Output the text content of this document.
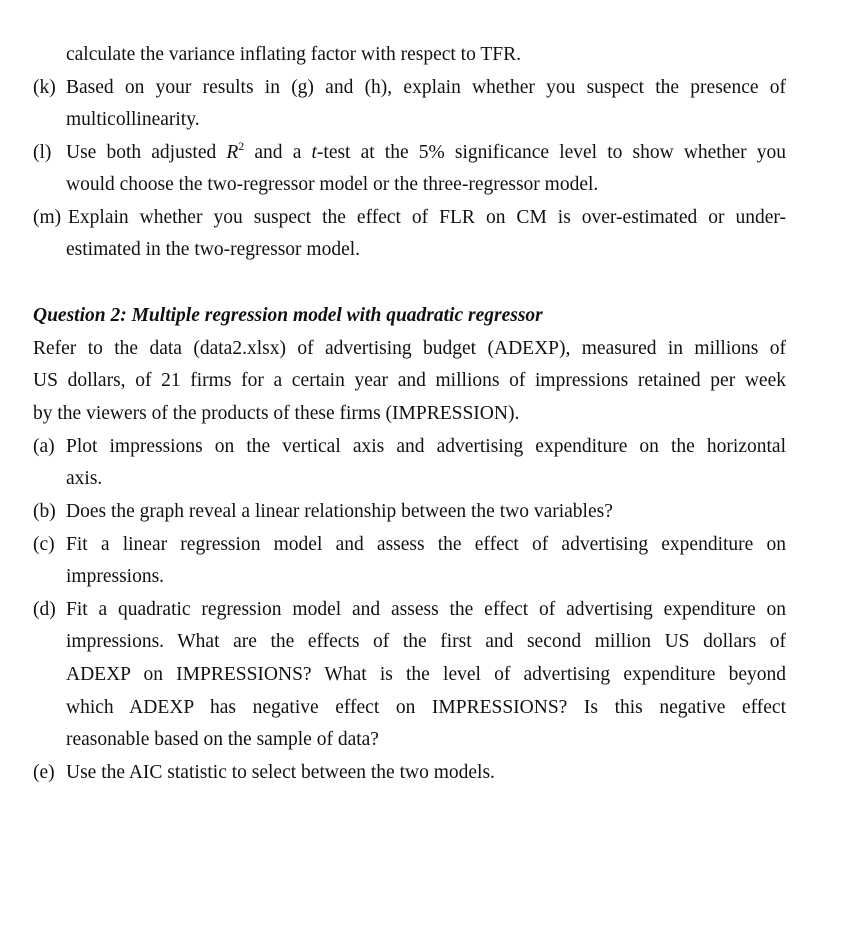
calculate the variance inflating factor with respect to TFR.
(k) Based on your results in (g) and (h), explain whether you suspect the presence of
multicollinearity.
(l) Use both adjusted $R^2$ and a t-test at the 5% significance level to show whether you
would choose the two-regressor model or the three-regressor model.
(m) Explain whether you suspect the effect of FLR on CM is over-estimated or under-
estimated in the two-regressor model.
Question 2: Multiple regression model with quadratic regressor
Refer to the data (data2.xlsx) of advertising budget (ADEXP), measured in millions of
US dollars, of 21 firms for a certain year and millions of impressions retained per week
by the viewers of the products of these firms (IMPRESSION).
(a) Plot impressions on the vertical axis and advertising expenditure on the horizontal
axis.
(b) Does the graph reveal a linear relationship between the two variables?
(c) Fit a linear regression model and assess the effect of advertising expenditure on
impressions.
(d) Fit a quadratic regression model and assess the effect of advertising expenditure on
impressions. What are the effects of the first and second million US dollars of
ADEXP on IMPRESSIONS? What is the level of advertising expenditure beyond
which ADEXP has negative effect on IMPRESSIONS? Is this negative effect
reasonable based on the sample of data?
(e) Use the AIC statistic to select between the two models.
